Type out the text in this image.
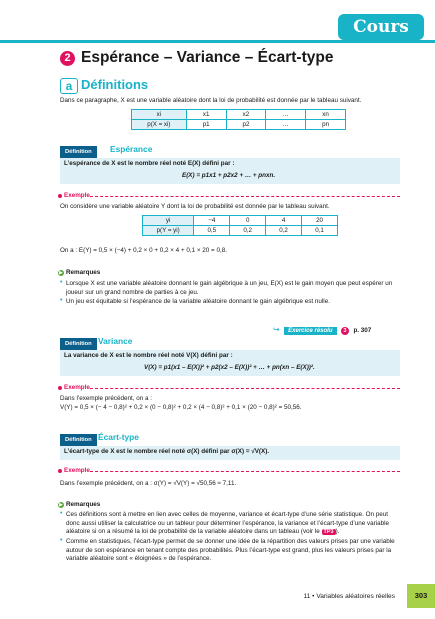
Cours
2 Espérance – Variance – Écart-type
a Définitions
Dans ce paragraphe, X est une variable aléatoire dont la loi de probabilité est donnée par le tableau suivant.
xi	x1	x2	…	xn
p(X = xi)	p1	p2	…	pn
Définition	Espérance
L’espérance de X est le nombre réel noté E(X) défini par :
E(X) = p1x1 + p2x2 + … + pnxn.
Exemple
On considère une variable aléatoire Y dont la loi de probabilité est donnée par le tableau suivant.
yi	−4	0	4	20
p(Y = yi)	0,5	0,2	0,2	0,1
On a : E(Y) = 0,5 × (−4) + 0,2 × 0 + 0,2 × 4 + 0,1 × 20 = 0,8.
▶ Remarques
• Lorsque X est une variable aléatoire donnant le gain algébrique à un jeu, E(X) est le gain moyen que peut espérer un joueur sur un grand nombre de parties à ce jeu.
• Un jeu est équitable si l’espérance de la variable aléatoire donnant le gain algébrique est nulle.
↪ Exercice résolu 3 p. 307
Définition Variance
La variance de X est le nombre réel noté V(X) défini par :
V(X) = p1(x1 – E(X))² + p2(x2 – E(X))² + … + pn(xn – E(X))².
Exemple
Dans l’exemple précédent, on a :
V(Y) = 0,5 × (− 4 − 0,8)² + 0,2 × (0 − 0,8)² + 0,2 × (4 − 0,8)² + 0,1 × (20 − 0,8)² = 50,56.
Définition Écart-type
L’écart-type de X est le nombre réel noté σ(X) défini par σ(X) = √V(X).
Exemple
Dans l’exemple précédent, on a : σ(Y) = √V(Y) = √50,56 ≈ 7,11.
▶ Remarques
• Ces définitions sont à mettre en lien avec celles de moyenne, variance et écart-type d’une série statistique. On peut donc aussi utiliser la calculatrice ou un tableur pour déterminer l’espérance, la variance et l’écart-type d’une variable aléatoire si on a résumé la loi de probabilité de la variable aléatoire dans un tableau (voir le TP3 ).
• Comme en statistiques, l’écart-type permet de se donner une idée de la répartition des valeurs prises par une variable autour de son espérance en tenant compte des probabilités. Plus l’écart-type est grand, plus les valeurs prises par la variable aléatoire sont « éloignées » de l’espérance.
11 • Variables aléatoires réelles	303
